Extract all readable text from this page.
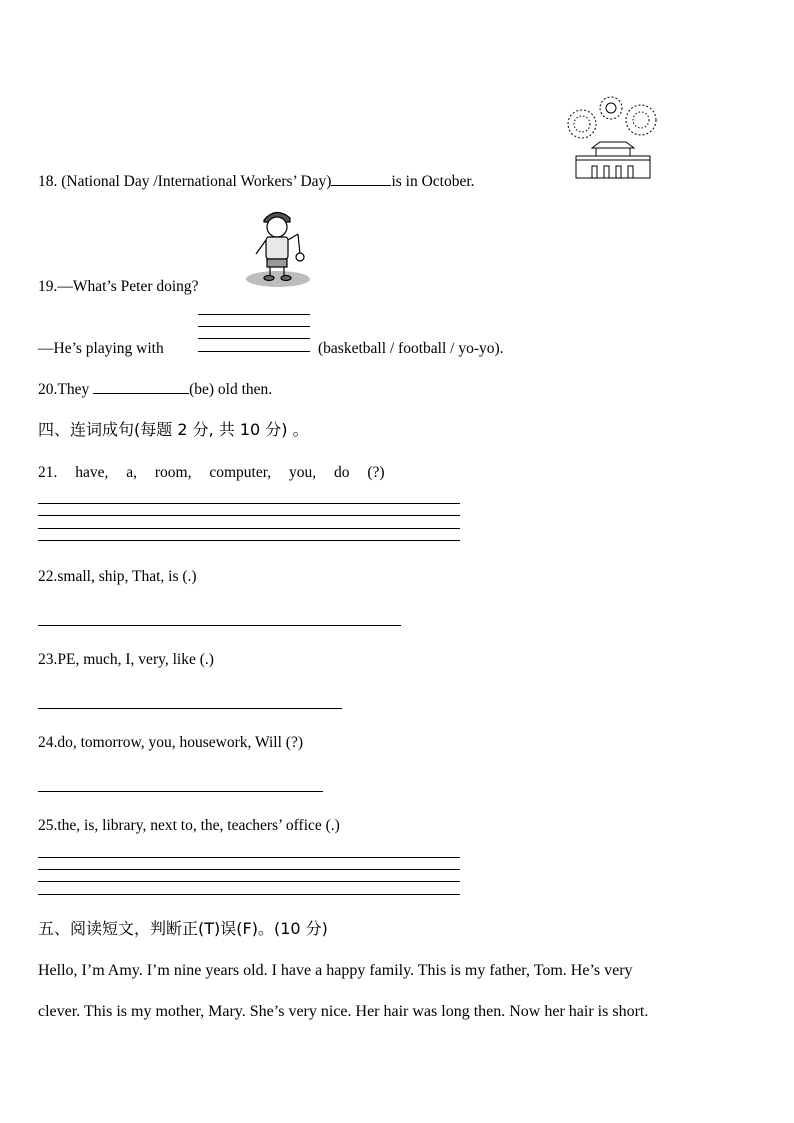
18. (National Day /International Workers’ Day)	is in October.
19.—What’s Peter doing?
—He’s playing with	(basketball / football / yo-yo).
20.They	(be) old then.
四、连词成句(每题 2 分, 共 10 分) 。
21. have, a, room, computer, you, do (?)
22.small, ship, That, is (.)
23.PE, much, I, very, like (.)
24.do, tomorrow, you, housework, Will (?)
25.the, is, library, next to, the, teachers’ office (.)
五、阅读短文，判断正(T)误(F)。(10 分)
Hello, I’m Amy. I’m nine years old. I have a happy family. This is my father, Tom. He’s very
clever. This is my mother, Mary. She’s very nice. Her hair was long then. Now her hair is short.
